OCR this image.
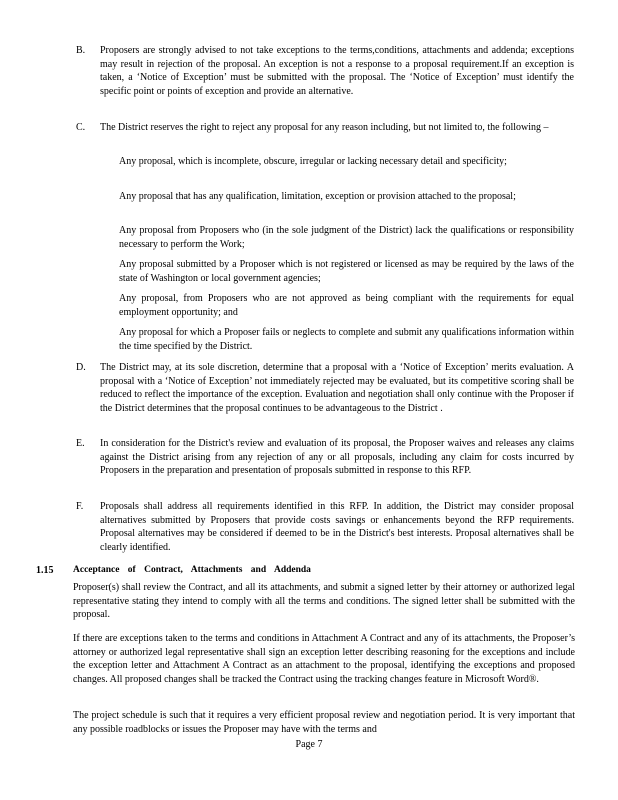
B. Proposers are strongly advised to not take exceptions to the terms,conditions, attachments and addenda; exceptions may result in rejection of the proposal. An exception is not a response to a proposal requirement.If an exception is taken, a ‘Notice of Exception’ must be submitted with the proposal. The ‘Notice of Exception’ must identify the specific point or points of exception and provide an alternative.
C. The District reserves the right to reject any proposal for any reason including, but not limited to, the following –
Any proposal, which is incomplete, obscure, irregular or lacking necessary detail and specificity;
Any proposal that has any qualification, limitation, exception or provision attached to the proposal;
Any proposal from Proposers who (in the sole judgment of the District) lack the qualifications or responsibility necessary to perform the Work;
Any proposal submitted by a Proposer which is not registered or licensed as may be required by the laws of the state of Washington or local government agencies;
Any proposal, from Proposers who are not approved as being compliant with the requirements for equal employment opportunity; and
Any proposal for which a Proposer fails or neglects to complete and submit any qualifications information within the time specified by the District.
D. The District may, at its sole discretion, determine that a proposal with a ‘Notice of Exception’ merits evaluation. A proposal with a ‘Notice of Exception’ not immediately rejected may be evaluated, but its competitive scoring shall be reduced to reflect the importance of the exception. Evaluation and negotiation shall only continue with the Proposer if the District determines that the proposal continues to be advantageous to the District .
E. In consideration for the District's review and evaluation of its proposal, the Proposer waives and releases any claims against the District arising from any rejection of any or all proposals, including any claim for costs incurred by Proposers in the preparation and presentation of proposals submitted in response to this RFP.
F. Proposals shall address all requirements identified in this RFP. In addition, the District may consider proposal alternatives submitted by Proposers that provide costs savings or enhancements beyond the RFP requirements. Proposal alternatives may be considered if deemed to be in the District's best interests. Proposal alternatives shall be clearly identified.
1.15 Acceptance of Contract, Attachments and Addenda
Proposer(s) shall review the Contract, and all its attachments, and submit a signed letter by their attorney or authorized legal representative stating they intend to comply with all the terms and conditions. The signed letter shall be submitted with the proposal.
If there are exceptions taken to the terms and conditions in Attachment A Contract and any of its attachments, the Proposer’s attorney or authorized legal representative shall sign an exception letter describing reasoning for the exceptions and include the exception letter and Attachment A Contract as an attachment to the proposal, identifying the exceptions and proposed changes. All proposed changes shall be tracked the Contract using the tracking changes feature in Microsoft Word®.
The project schedule is such that it requires a very efficient proposal review and negotiation period. It is very important that any possible roadblocks or issues the Proposer may have with the terms and
Page 7
